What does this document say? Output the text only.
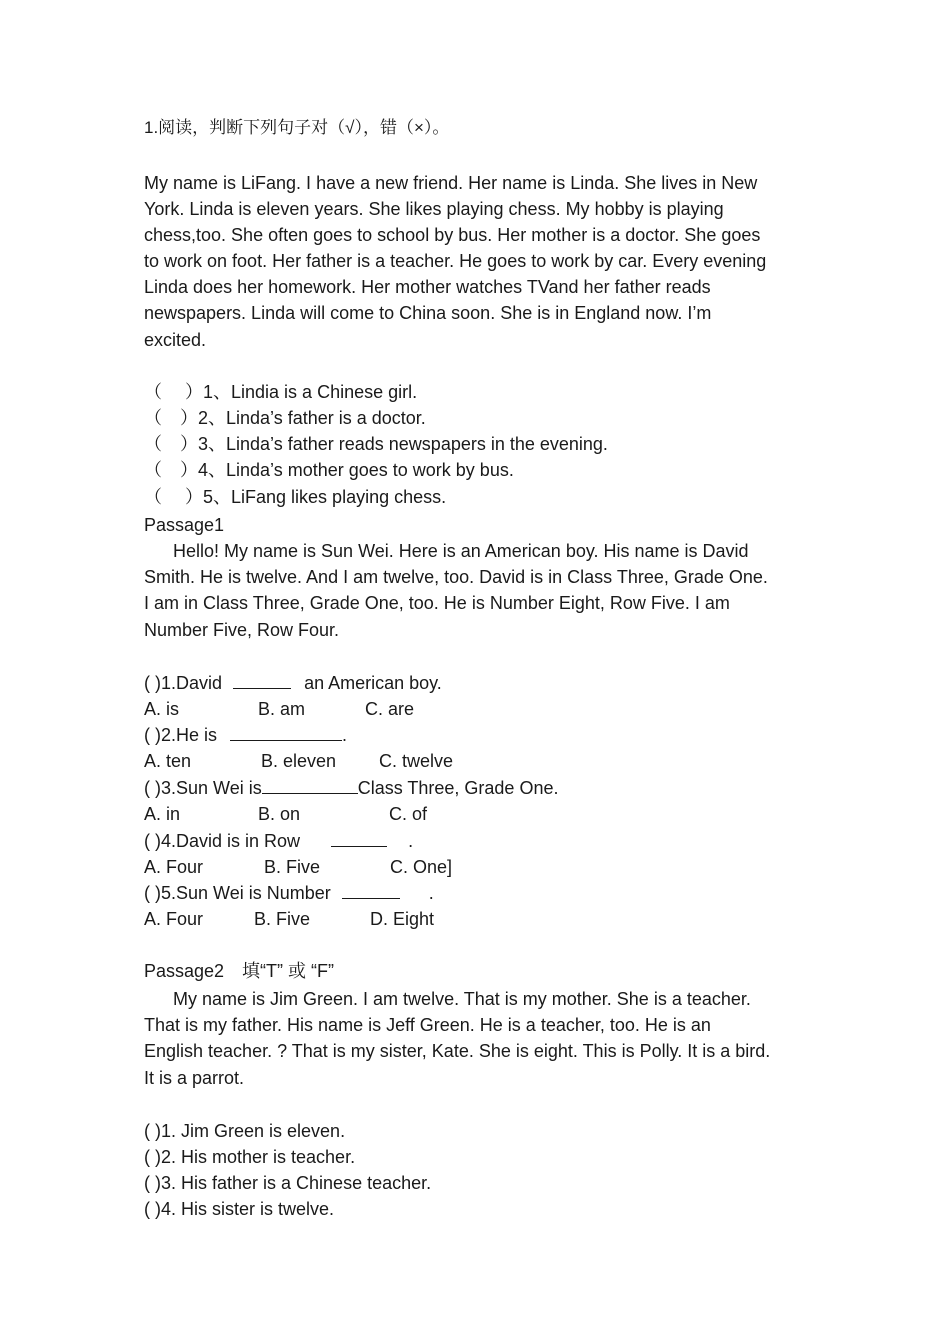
1.阅读，判断下列句子对（√），错（×）。
My name is LiFang. I have a new friend. Her name is Linda. She lives in New
York. Linda is eleven years. She likes playing chess. My hobby is playing
chess,too. She often goes to school by bus. Her mother is a doctor. She goes
to work on foot. Her father is a teacher. He goes to work by car. Every evening
Linda does her homework. Her mother watches TVand her father reads
newspapers. Linda will come to China soon. She is in England now. I’m
excited.
（　 ）1、Lindia is a Chinese girl.
（　）2、Linda’s father is a doctor.
（　）3、Linda’s father reads newspapers in the evening.
（　）4、Linda’s mother goes to work by bus.
（　 ）5、LiFang likes playing chess.
Passage1
Hello! My name is Sun Wei. Here is an American boy. His name is David
Smith. He is twelve. And I am twelve, too. David is in Class Three, Grade One.
I am in Class Three, Grade One, too. He is Number Eight, Row Five. I am
Number Five, Row Four.
( )1.David	an American boy.
A. is	B. am	C. are
( )2.He is	.
A. ten	B. eleven C. twelve
( )3.Sun Wei is	Class Three, Grade One.
A. in	B. on	C. of
( )4.David is in Row	.
A. Four	B. Five	C. One]
( )5.Sun Wei is Number	.
A. Four	B. Five	D. Eight
Passage2　填“T” 或 “F”
My name is Jim Green. I am twelve. That is my mother. She is a teacher.
That is my father. His name is Jeff Green. He is a teacher, too. He is an
English teacher. ? That is my sister, Kate. She is eight. This is Polly. It is a bird.
It is a parrot.
( )1. Jim Green is eleven.
( )2. His mother is teacher.
( )3. His father is a Chinese teacher.
( )4. His sister is twelve.
